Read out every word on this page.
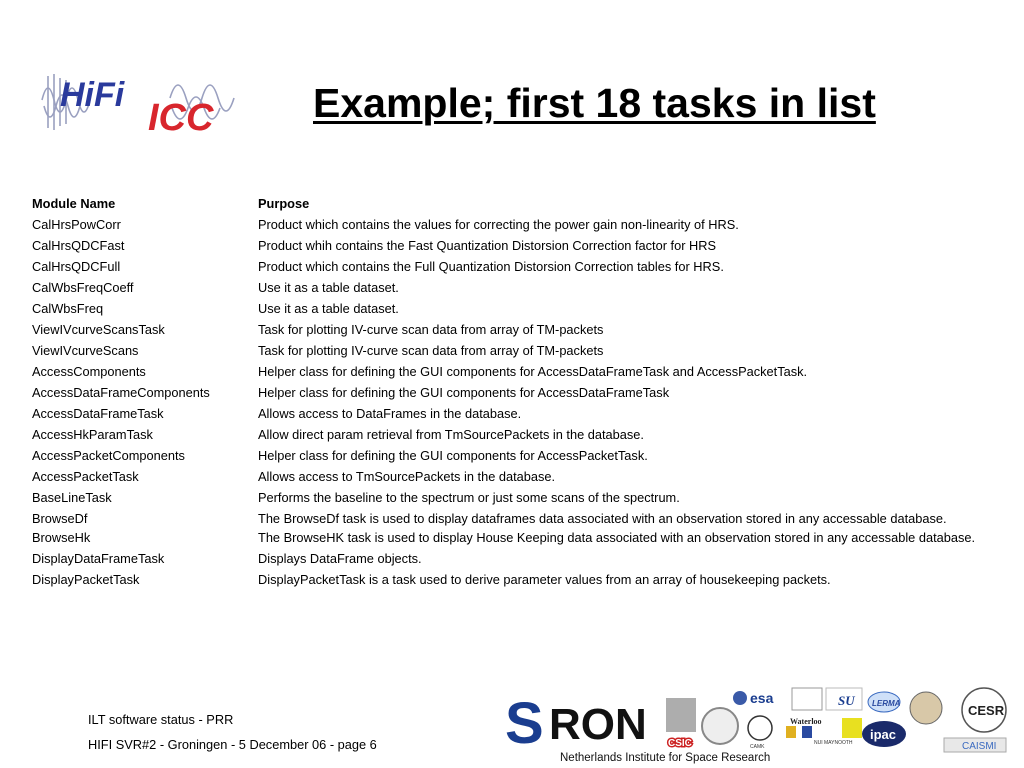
HiFi
ICC Example; first 18 tasks in list
Module Name	Purpose
CalHrsPowCorr	Product which contains the values for correcting the power gain non-linearity of HRS.
CalHrsQDCFast	Product whih contains the Fast Quantization Distorsion Correction factor for HRS
CalHrsQDCFull	Product which contains the Full Quantization Distorsion Correction tables for HRS.
CalWbsFreqCoeff	Use it as a table dataset.
CalWbsFreq	Use it as a table dataset.
ViewIVcurveScansTask	Task for plotting IV-curve scan data from array of TM-packets
ViewIVcurveScans	Task for plotting IV-curve scan data from array of TM-packets
AccessComponents	Helper class for defining the GUI components for AccessDataFrameTask and AccessPacketTask.
AccessDataFrameComponents	Helper class for defining the GUI components for AccessDataFrameTask
AccessDataFrameTask	Allows access to DataFrames in the database.
AccessHkParamTask	Allow direct param retrieval from TmSourcePackets in the database.
AccessPacketComponents	Helper class for defining the GUI components for AccessPacketTask.
AccessPacketTask	Allows access to TmSourcePackets in the database.
BaseLineTask	Performs the baseline to the spectrum or just some scans of the spectrum.
BrowseDf	The BrowseDf task is used to display dataframes data associated with an observation stored in any accessable database.
BrowseHk	The BrowseHK task is used to display House Keeping data associated with an observation stored in any accessable database.
DisplayDataFrameTask	Displays DataFrame objects.
DisplayPacketTask	DisplayPacketTask is a task used to derive parameter values from an array of housekeeping packets.
ILT software status - PRR
HIFI SVR#2 - Groningen - 5 December 06 - page 6 S RON
Netherlands Institute for Space Research
CSIC
esa
CAMK
Waterloo
NUI MAYNOOTH
SU LERMA
ipac
CESR
CAISMI
